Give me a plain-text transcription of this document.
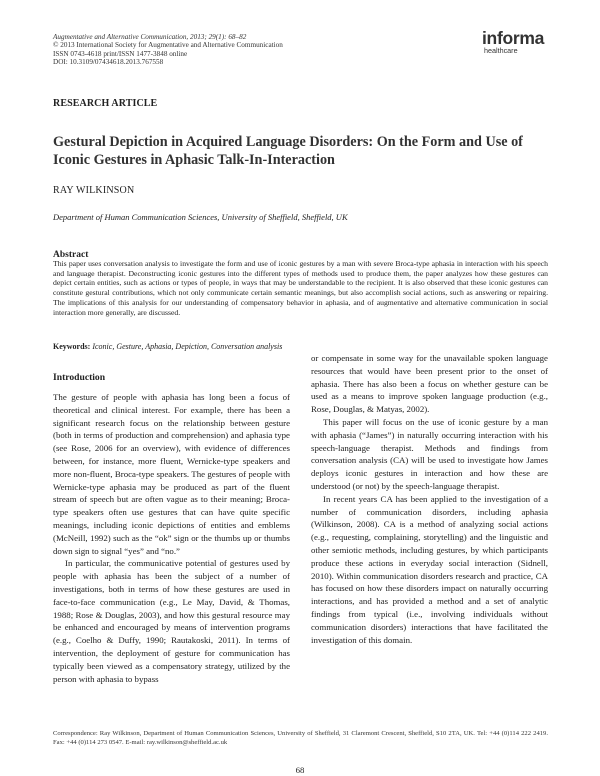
Augmentative and Alternative Communication, 2013; 29(1): 68–82
© 2013 International Society for Augmentative and Alternative Communication
ISSN 0743-4618 print/ISSN 1477-3848 online
DOI: 10.3109/07434618.2013.767558
informa
healthcare
RESEARCH ARTICLE
Gestural Depiction in Acquired Language Disorders: On the Form and Use of Iconic Gestures in Aphasic Talk-In-Interaction
RAY WILKINSON
Department of Human Communication Sciences, University of Sheffield, Sheffield, UK
Abstract
This paper uses conversation analysis to investigate the form and use of iconic gestures by a man with severe Broca-type aphasia in interaction with his speech and language therapist. Deconstructing iconic gestures into the different types of methods used to produce them, the paper analyzes how these gestures can depict certain entities, such as actions or types of people, in ways that may be understandable to the recipient. It is also observed that these iconic gestures can constitute gestural contributions, which not only communicate certain semantic meanings, but also accomplish social actions, such as answering or repairing. The implications of this analysis for our understanding of compensatory behavior in aphasia, and of augmentative and alternative communication in social interaction more generally, are discussed.
Keywords: Iconic, Gesture, Aphasia, Depiction, Conversation analysis
Introduction

The gesture of people with aphasia has long been a focus of theoretical and clinical interest. For example, there has been a significant research focus on the relationship between gesture (both in terms of production and comprehension) and aphasia type (see Rose, 2006 for an overview), with evidence of differences between, for instance, more fluent, Wernicke-type speakers and more non-fluent, Broca-type speakers. The gestures of people with Wernicke-type aphasia may be produced as part of the fluent stream of speech but are often vague as to their meaning; Broca-type speakers often use gestures that can have quite specific meanings, including iconic depictions of entities and emblems (McNeill, 1992) such as the “ok” sign or the thumbs up or thumbs down sign to signal “yes” and “no.”

In particular, the communicative potential of gestures used by people with aphasia has been the subject of a number of investigations, both in terms of how these gestures are used in face-to-face communication (e.g., Le May, David, & Thomas, 1988; Rose & Douglas, 2003), and how this gestural resource may be enhanced and encouraged by means of intervention programs (e.g., Coelho & Duffy, 1990; Rautakoski, 2011). In terms of intervention, the deployment of gesture for communication has typically been viewed as a compensatory strategy, utilized by the person with aphasia to bypass

or compensate in some way for the unavailable spoken language resources that would have been present prior to the onset of aphasia. There has also been a focus on whether gesture can be used as a means to improve spoken language production (e.g., Rose, Douglas, & Matyas, 2002).

This paper will focus on the use of iconic gesture by a man with aphasia (“James”) in naturally occurring interaction with his speech-language therapist. Methods and findings from conversation analysis (CA) will be used to investigate how James deploys iconic gestures in interaction and how these are understood (or not) by the speech-language therapist.

In recent years CA has been applied to the investigation of a number of communication disorders, including aphasia (Wilkinson, 2008). CA is a method of analyzing social actions (e.g., requesting, complaining, storytelling) and the linguistic and other semiotic methods, including gestures, by which participants produce these actions in everyday social interaction (Sidnell, 2010). Within communication disorders research and practice, CA has focused on how these disorders impact on naturally occurring interactions, and has provided a method and a set of analytic findings from typical (i.e., involving individuals without communication disorders) interactions that have facilitated the investigation of this domain.

Correspondence: Ray Wilkinson, Department of Human Communication Sciences, University of Sheffield, 31 Claremont Crescent, Sheffield, S10 2TA, UK. Tel: +44 (0)114 222 2419. Fax: +44 (0)114 273 0547. E-mail: ray.wilkinson@sheffield.ac.uk
68
